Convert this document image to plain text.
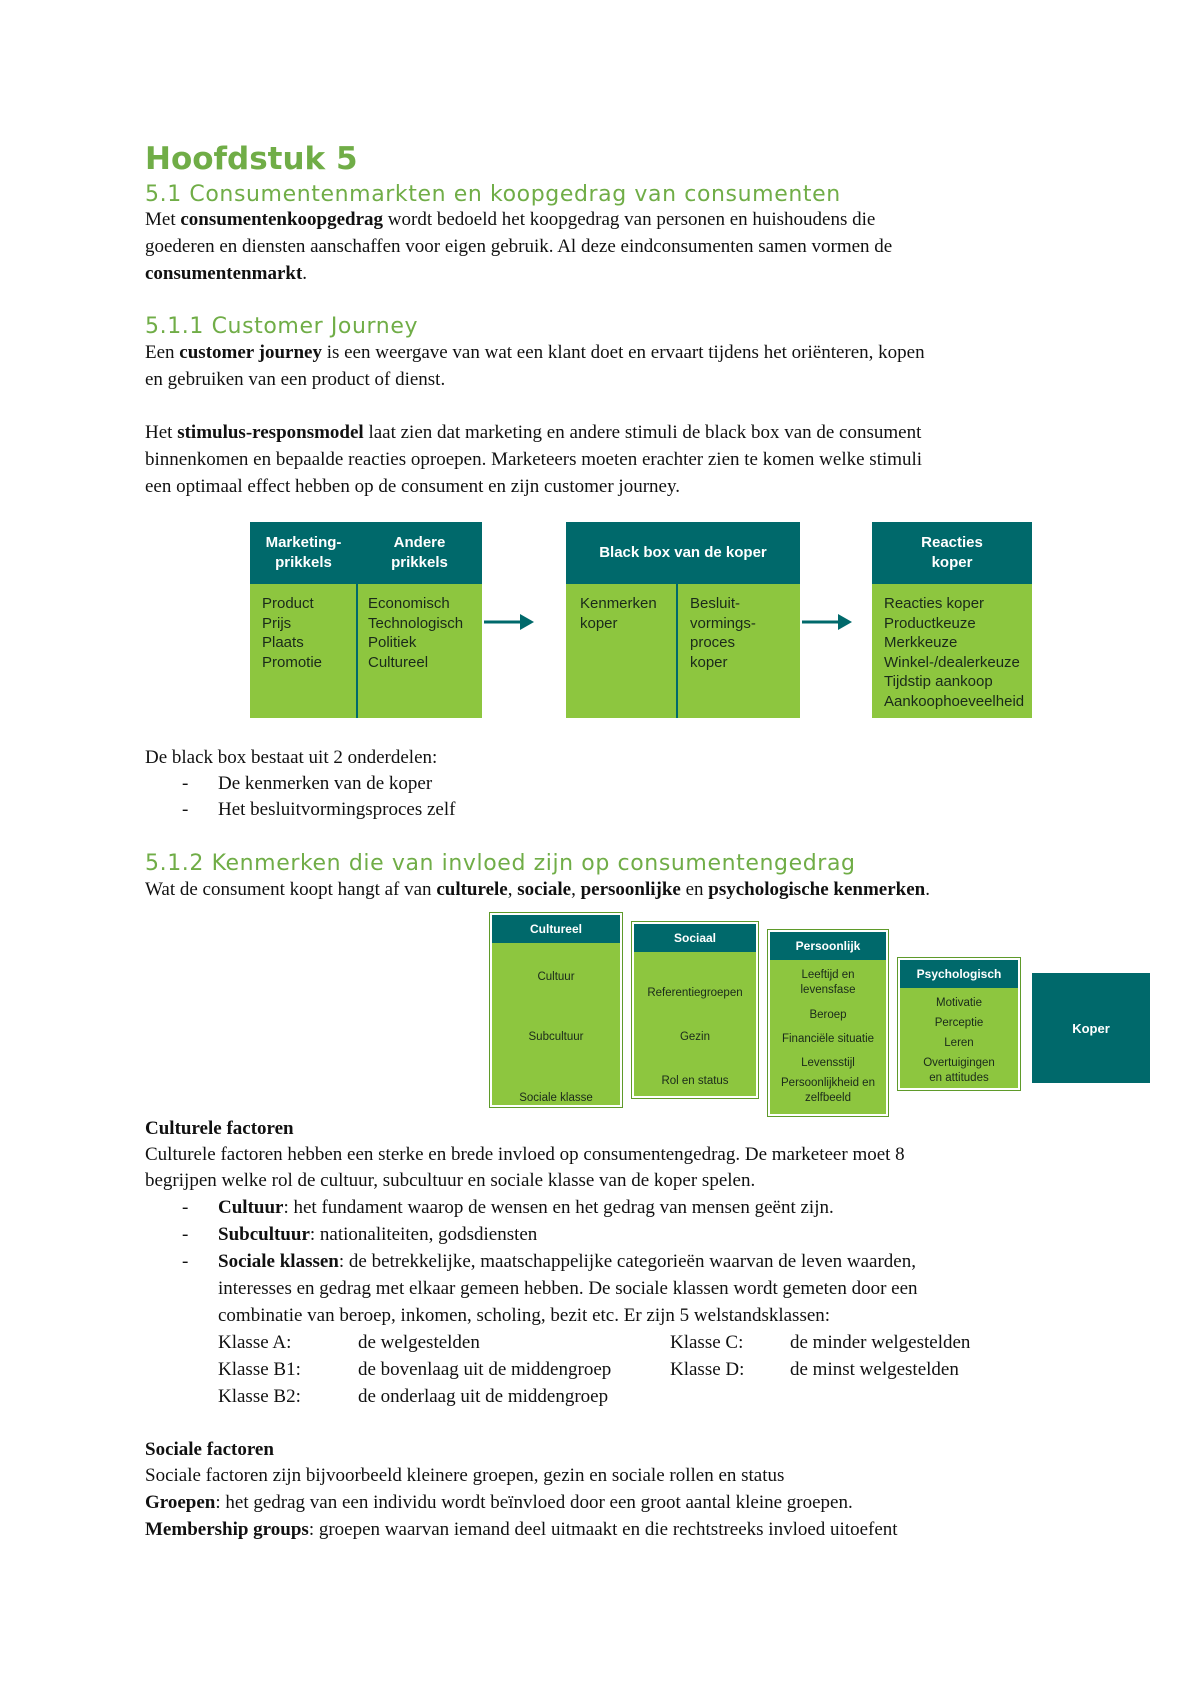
Hoofdstuk 5
5.1 Consumentenmarkten en koopgedrag van consumenten
Met consumentenkoopgedrag wordt bedoeld het koopgedrag van personen en huishoudens die
goederen en diensten aanschaffen voor eigen gebruik. Al deze eindconsumenten samen vormen de
consumentenmarkt.
5.1.1 Customer Journey
Een customer journey is een weergave van wat een klant doet en ervaart tijdens het oriënteren, kopen
en gebruiken van een product of dienst.
Het stimulus-responsmodel laat zien dat marketing en andere stimuli de black box van de consument
binnenkomen en bepaalde reacties oproepen. Marketeers moeten erachter zien te komen welke stimuli
een optimaal effect hebben op de consument en zijn customer journey.
Marketing-
prikkels
Andere
prikkels
Product
Prijs
Plaats
Promotie
Economisch
Technologisch
Politiek
Cultureel
Black box van de koper
Kenmerken
koper
Besluit-
vormings-
proces
koper
Reacties
koper
Reacties koper
Productkeuze
Merkkeuze
Winkel-/dealerkeuze
Tijdstip aankoop
Aankoophoeveelheid
De black box bestaat uit 2 onderdelen:
- De kenmerken van de koper
- Het besluitvormingsproces zelf
5.1.2 Kenmerken die van invloed zijn op consumentengedrag
Wat de consument koopt hangt af van culturele, sociale, persoonlijke en psychologische kenmerken.
Cultureel
Cultuur
Subcultuur
Sociale klasse
Sociaal
Referentiegroepen
Gezin
Rol en status
Persoonlijk
Leeftijd en
levensfase
Beroep
Financiële situatie
Levensstijl
Persoonlijkheid en
zelfbeeld
Psychologisch
Motivatie
Perceptie
Leren
Overtuigingen
en attitudes
Koper
Culturele factoren
Culturele factoren hebben een sterke en brede invloed op consumentengedrag. De marketeer moet 8
begrijpen welke rol de cultuur, subcultuur en sociale klasse van de koper spelen.
- Cultuur: het fundament waarop de wensen en het gedrag van mensen geënt zijn.
- Subcultuur: nationaliteiten, godsdiensten
- Sociale klassen: de betrekkelijke, maatschappelijke categorieën waarvan de leven waarden,
interesses en gedrag met elkaar gemeen hebben. De sociale klassen wordt gemeten door een
combinatie van beroep, inkomen, scholing, bezit etc. Er zijn 5 welstandsklassen:
Klasse A:	de welgestelden
Klasse B1:	de bovenlaag uit de middengroep
Klasse B2:	de onderlaag uit de middengroep
Klasse C: de minder welgestelden
Klasse D: de minst welgestelden
Sociale factoren
Sociale factoren zijn bijvoorbeeld kleinere groepen, gezin en sociale rollen en status
Groepen: het gedrag van een individu wordt beïnvloed door een groot aantal kleine groepen.
Membership groups: groepen waarvan iemand deel uitmaakt en die rechtstreeks invloed uitoefent
